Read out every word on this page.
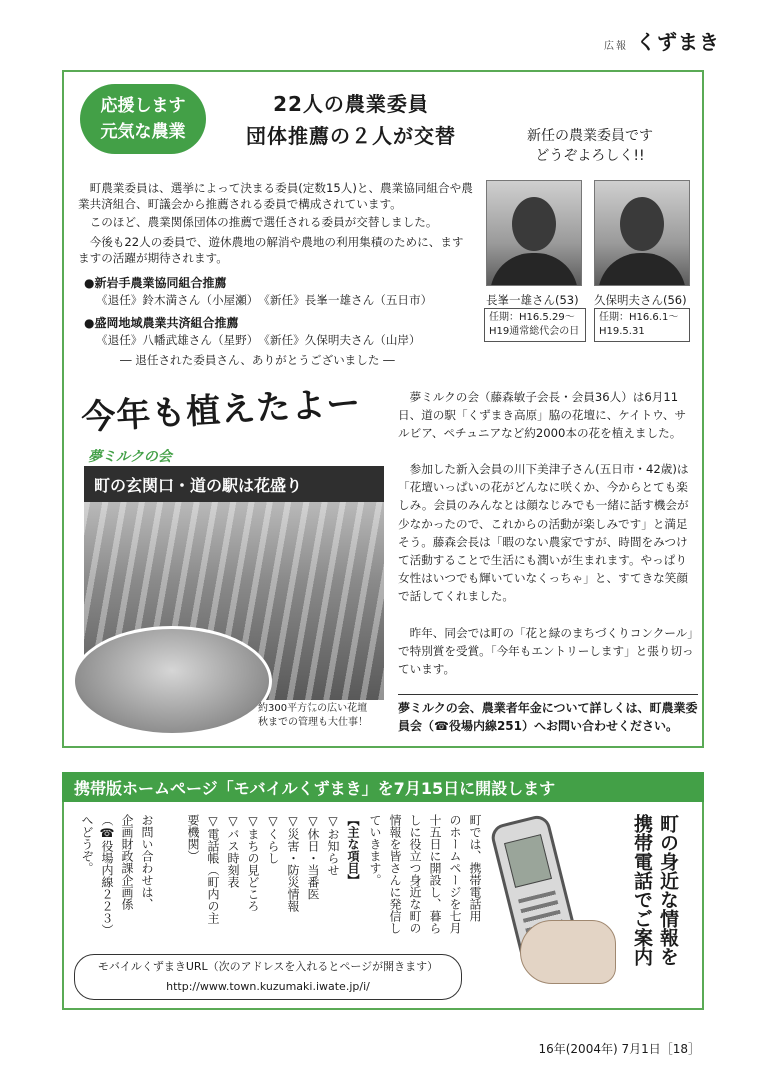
広報 くずまき
応援します
元気な農業
22人の農業委員
団体推薦の２人が交替	新任の農業委員です
どうぞよろしく!!
長峯一雄さん(53)
任期：H16.5.29～
H19通常総代会の日
久保明夫さん(56)
任期：H16.6.1～
H19.5.31

町農業委員は、選挙によって決まる委員(定数15人)と、農業協同組合や農業共済組合、町議会から推薦される委員で構成されています。

このほど、農業関係団体の推薦で選任される委員が交替しました。

今後も22人の委員で、遊休農地の解消や農地の利用集積のために、ますますの活躍が期待されます。

●新岩手農業協同組合推薦
《退任》鈴木満さん（小屋瀬）　《新任》長峯一雄さん（五日市）
●盛岡地域農業共済組合推薦
《退任》八幡武雄さん（星野）　《新任》久保明夫さん（山岸）
― 退任された委員さん、ありがとうございました ―
今年も植えたよー
夢ミルクの会
町の玄関口・道の駅は花盛り
約300平方㍍の広い花壇
秋までの管理も大仕事！

夢ミルクの会（藤森敏子会長・会員36人）は6月11日、道の駅「くずまき高原」脇の花壇に、ケイトウ、サルビア、ペチュニアなど約2000本の花を植えました。

参加した新入会員の川下美津子さん(五日市・42歳)は「花壇いっぱいの花がどんなに咲くか、今からとても楽しみ。会員のみんなとは顔なじみでも一緒に話す機会が少なかったので、これからの活動が楽しみです」と満足そう。藤森会長は「暇のない農家ですが、時間をみつけて活動することで生活にも潤いが生まれます。やっぱり女性はいつでも輝いていなくっちゃ」と、すてきな笑顔で話してくれました。

昨年、同会では町の「花と緑のまちづくりコンクール」で特別賞を受賞。「今年もエントリーします」と張り切っています。

夢ミルクの会、農業者年金について詳しくは、町農業委員会（☎役場内線251）へお問い合わせください。
携帯版ホームページ「モバイルくずまき」を7月15日に開設します
町の身近な情報を
携帯電話でご案内
町では、携帯電話用
のホームページを七月
十五日に開設し、暮ら
しに役立つ身近な町の
情報を皆さんに発信し
ていきます。
【主な項目】
▽お知らせ
▽休日・当番医
▽災害・防災情報
▽くらし
▽まちの見どころ
▽バス時刻表
▽電話帳（町内の主
要機関）
お問い合わせは、
企画財政課企画係
（☎役場内線２２３）
へどうぞ。
モバイルくずまきURL（次のアドレスを入れるとページが開きます）
http://www.town.kuzumaki.iwate.jp/i/
16年(2004年) 7月1日［18］
